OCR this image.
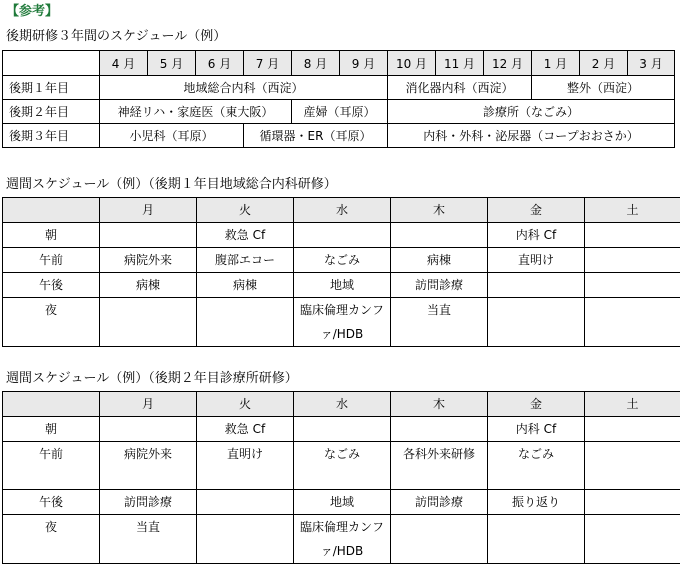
【参考】
後期研修３年間のスケジュール（例）
	4 月	5 月	6 月	7 月	8 月	9 月	10 月	11 月	12 月	1 月	2 月	3 月
後期１年目	地域総合内科（西淀）						消化器内科（西淀）			整外（西淀）		
後期２年目	神経リハ・家庭医（東大阪）				産婦（耳原）		診療所（なごみ）					
後期３年目	小児科（耳原）			循環器・ER（耳原）			内科・外科・泌尿器（コープおおさか）					
週間スケジュール（例）（後期１年目地域総合内科研修）
	月	火	水	木	金	土
朝		救急 Cf			内科 Cf	
午前	病院外来	腹部エコー	なごみ	病棟	直明け	
午後	病棟	病棟	地域	訪問診療		
夜			臨床倫理カンファ/HDB	当直		
週間スケジュール（例）（後期２年目診療所研修）
	月	火	水	木	金	土
朝		救急 Cf			内科 Cf	
午前	病院外来	直明け	なごみ	各科外来研修	なごみ	
午後	訪問診療		地域	訪問診療	振り返り	
夜	当直		臨床倫理カンファ/HDB			
